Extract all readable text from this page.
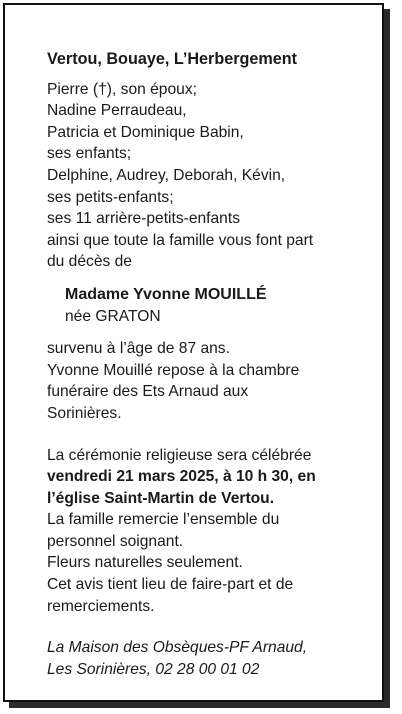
Vertou, Bouaye, L’Herbergement

Pierre (†), son époux;

Nadine Perraudeau,

Patricia et Dominique Babin,

ses enfants;

Delphine, Audrey, Deborah, Kévin,

ses petits-enfants;

ses 11 arrière-petits-enfants

ainsi que toute la famille vous font part

du décès de

Madame Yvonne MOUILLÉ

née GRATON

survenu à l’âge de 87 ans.

Yvonne Mouillé repose à la chambre

funéraire des Ets Arnaud aux

Sorinières.

La cérémonie religieuse sera célébrée

vendredi 21 mars 2025, à 10 h 30, en

l’église Saint-Martin de Vertou.

La famille remercie l’ensemble du

personnel soignant.

Fleurs naturelles seulement.

Cet avis tient lieu de faire-part et de

remerciements.

La Maison des Obsèques-PF Arnaud,

Les Sorinières, 02 28 00 01 02
